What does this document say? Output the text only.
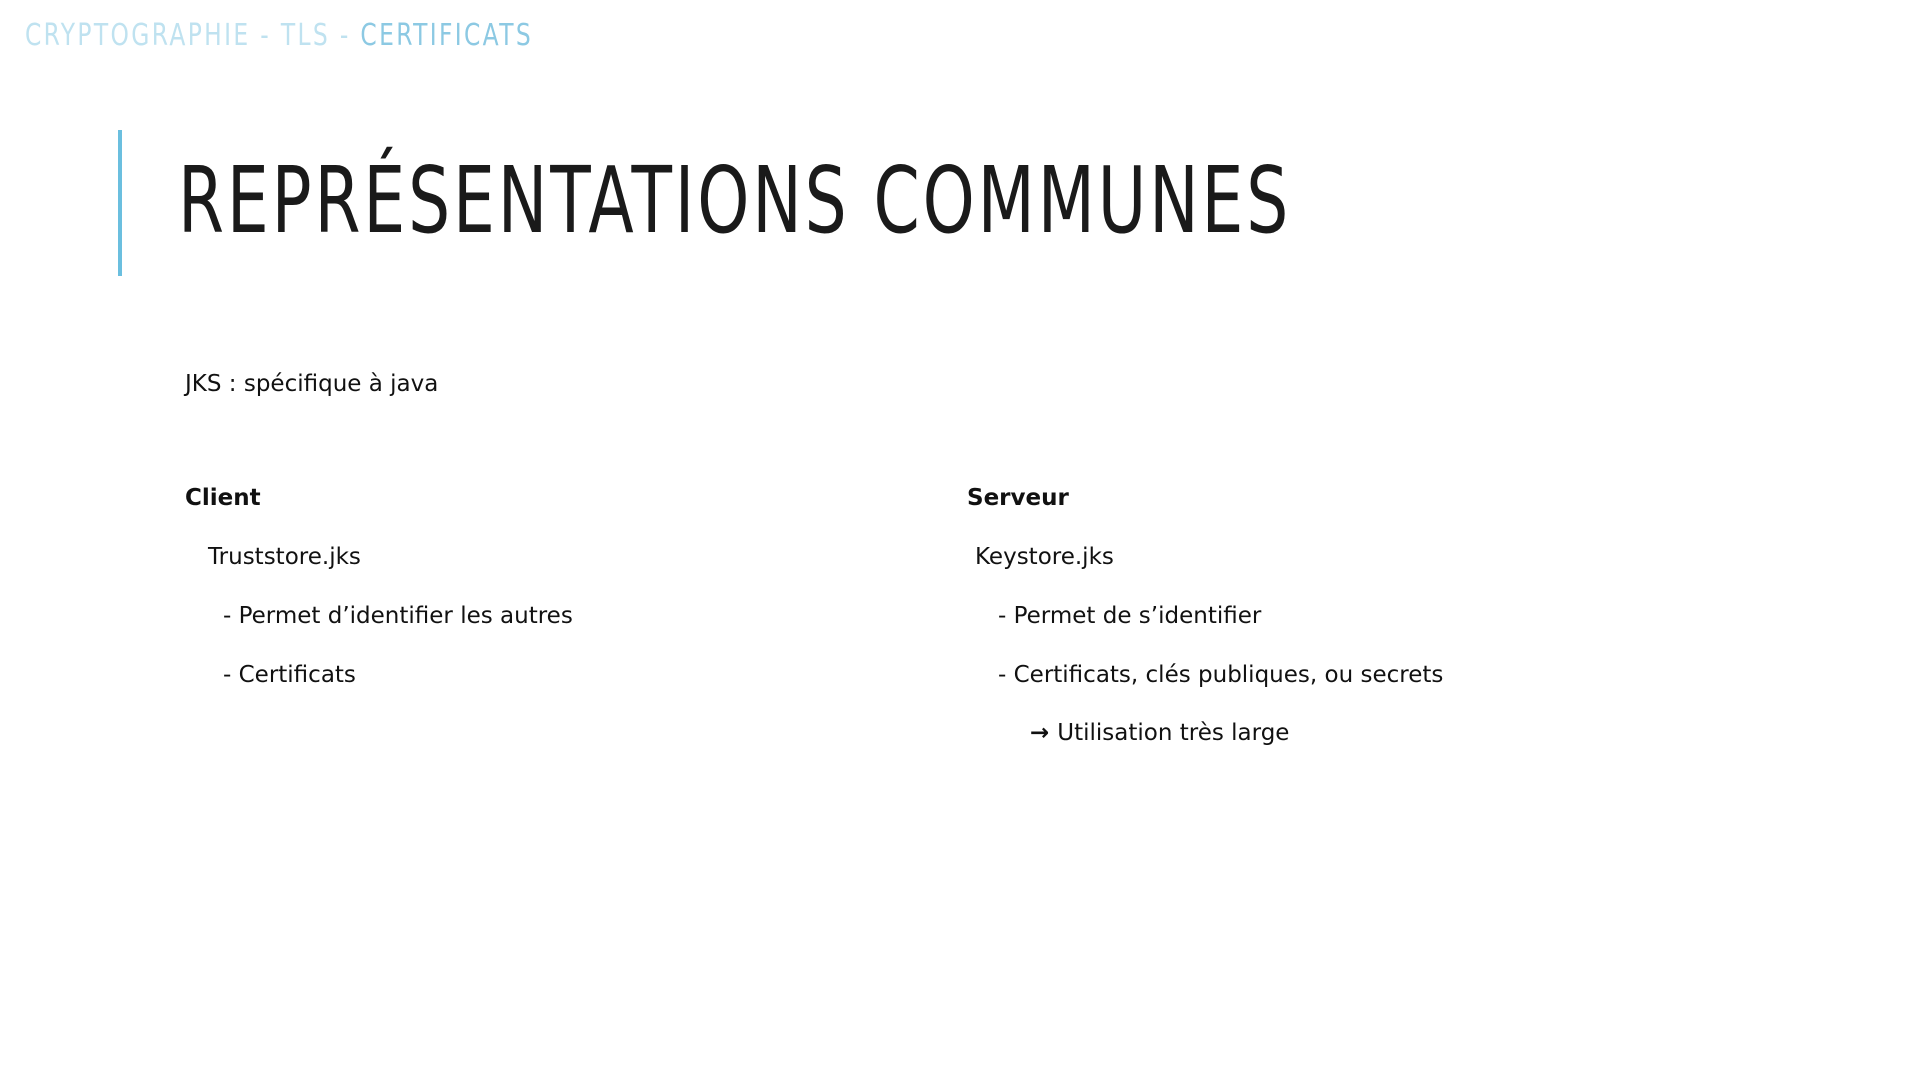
CRYPTOGRAPHIE - TLS - CERTIFICATS
REPRÉSENTATIONS COMMUNES
JKS : spécifique à java
Client
Truststore.jks
- Permet d’identifier les autres
- Certificats
Serveur
Keystore.jks
- Permet de s’identifier
- Certificats, clés publiques, ou secrets
→ Utilisation très large
